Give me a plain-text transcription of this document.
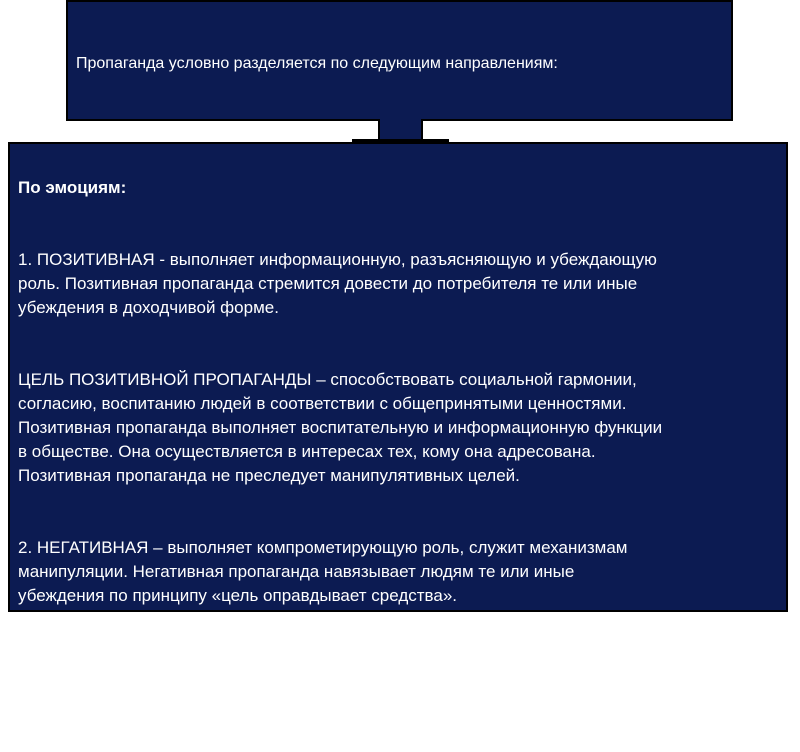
Пропаганда условно разделяется по следующим направлениям:

По эмоциям:

1. ПОЗИТИВНАЯ - выполняет информационную, разъясняющую и убеждающую
роль. Позитивная пропаганда стремится довести до потребителя те или иные
убеждения в доходчивой форме.

ЦЕЛЬ ПОЗИТИВНОЙ ПРОПАГАНДЫ – способствовать социальной гармонии,
согласию, воспитанию людей в соответствии с общепринятыми ценностями.
Позитивная пропаганда выполняет воспитательную и информационную функции
в обществе. Она осуществляется в интересах тех, кому она адресована.
Позитивная пропаганда не преследует манипулятивных целей.

2. НЕГАТИВНАЯ – выполняет компрометирующую роль, служит механизмам
манипуляции. Негативная пропаганда навязывает людям те или иные
убеждения по принципу «цель оправдывает средства».

ЦЕЛЬ НЕГАТИВНОЙ ИНФОРМАЦИИ – разжигание социальной вражды,
эскалация социальных конфликтов, обострение противоречий в обществе,
побуждение низменных инстинктов и т.д.
